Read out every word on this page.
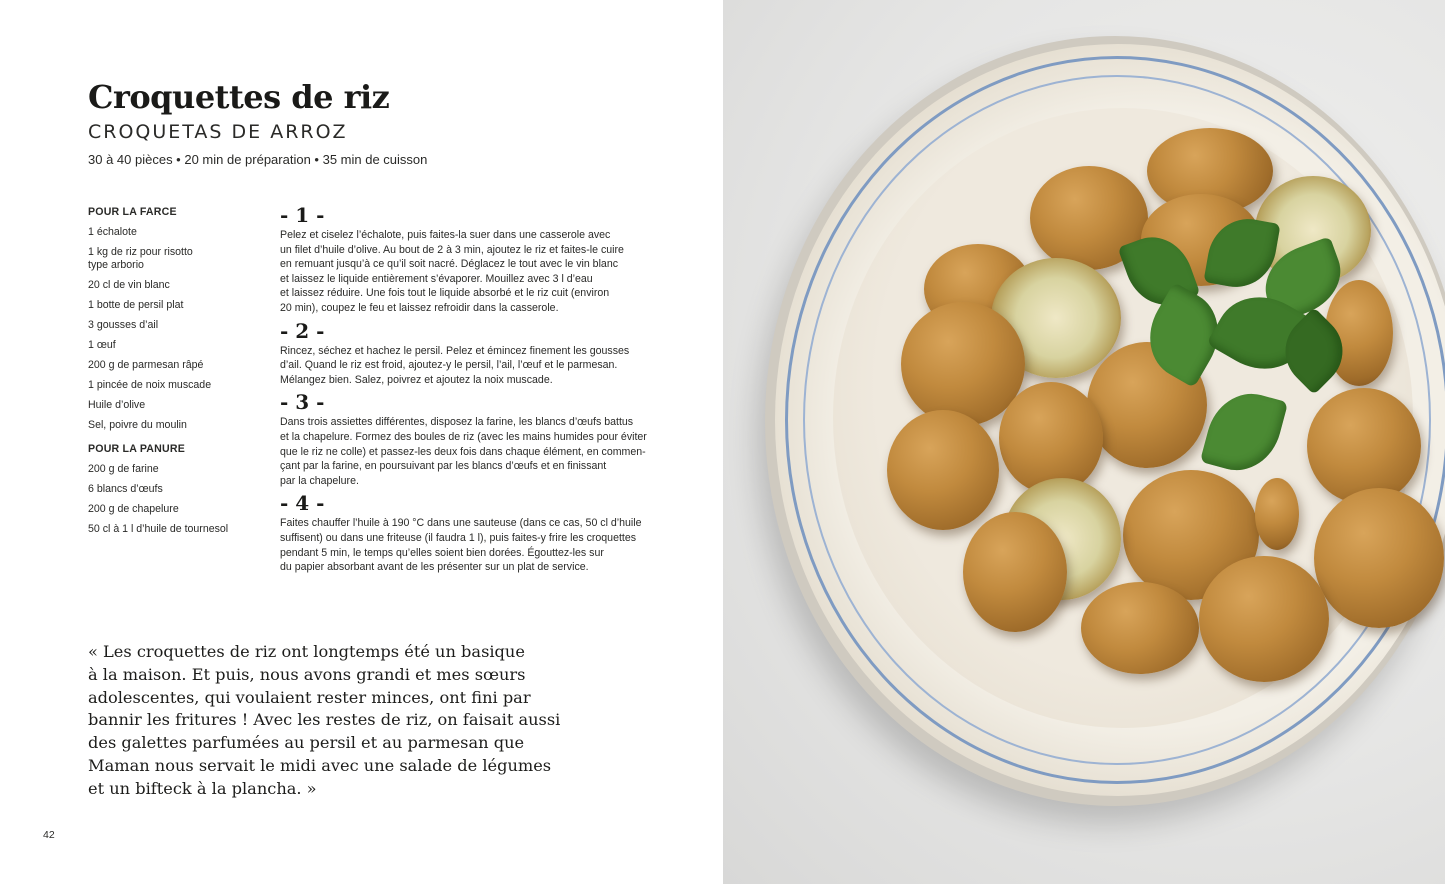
Croquettes de riz
CROQUETAS DE ARROZ
30 à 40 pièces • 20 min de préparation • 35 min de cuisson
POUR LA FARCE
1 échalote
1 kg de riz pour risotto
type arborio
20 cl de vin blanc
1 botte de persil plat
3 gousses d’ail
1 œuf
200 g de parmesan râpé
1 pincée de noix muscade
Huile d’olive
Sel, poivre du moulin
POUR LA PANURE
200 g de farine
6 blancs d’œufs
200 g de chapelure
50 cl à 1 l d’huile de tournesol
- 1 -

Pelez et ciselez l’échalote, puis faites-la suer dans une casserole avec
un filet d’huile d’olive. Au bout de 2 à 3 min, ajoutez le riz et faites-le cuire
en remuant jusqu’à ce qu’il soit nacré. Déglacez le tout avec le vin blanc
et laissez le liquide entièrement s’évaporer. Mouillez avec 3 l d’eau
et laissez réduire. Une fois tout le liquide absorbé et le riz cuit (environ
20 min), coupez le feu et laissez refroidir dans la casserole.

- 2 -

Rincez, séchez et hachez le persil. Pelez et émincez finement les gousses
d’ail. Quand le riz est froid, ajoutez-y le persil, l’ail, l’œuf et le parmesan.
Mélangez bien. Salez, poivrez et ajoutez la noix muscade.

- 3 -

Dans trois assiettes différentes, disposez la farine, les blancs d’œufs battus
et la chapelure. Formez des boules de riz (avec les mains humides pour éviter
que le riz ne colle) et passez-les deux fois dans chaque élément, en commen-
çant par la farine, en poursuivant par les blancs d’œufs et en finissant
par la chapelure.

- 4 -

Faites chauffer l’huile à 190 °C dans une sauteuse (dans ce cas, 50 cl d’huile
suffisent) ou dans une friteuse (il faudra 1 l), puis faites-y frire les croquettes
pendant 5 min, le temps qu’elles soient bien dorées. Égouttez-les sur
du papier absorbant avant de les présenter sur un plat de service.

« Les croquettes de riz ont longtemps été un basique
à la maison. Et puis, nous avons grandi et mes sœurs
adolescentes, qui voulaient rester minces, ont fini par
bannir les fritures ! Avec les restes de riz, on faisait aussi
des galettes parfumées au persil et au parmesan que
Maman nous servait le midi avec une salade de légumes
et un bifteck à la plancha. »
42
